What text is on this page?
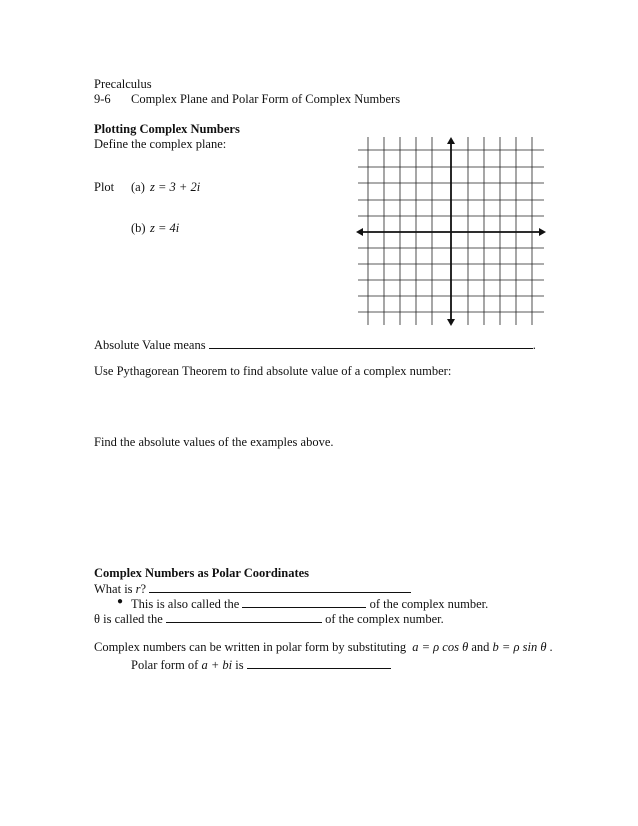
Precalculus
9-6 Complex Plane and Polar Form of Complex Numbers
Plotting Complex Numbers
Define the complex plane:
Plot (a) z = 3 + 2i
(b) z = 4i
Absolute Value means	.
Use Pythagorean Theorem to find absolute value of a complex number:
Find the absolute values of the examples above.
Complex Numbers as Polar Coordinates
What is r?
● This is also called the	of the complex number.
θ is called the	of the complex number.
Complex numbers can be written in polar form by substituting a = ρ cos θ and b = ρ sin θ .
Polar form of a + bi is
